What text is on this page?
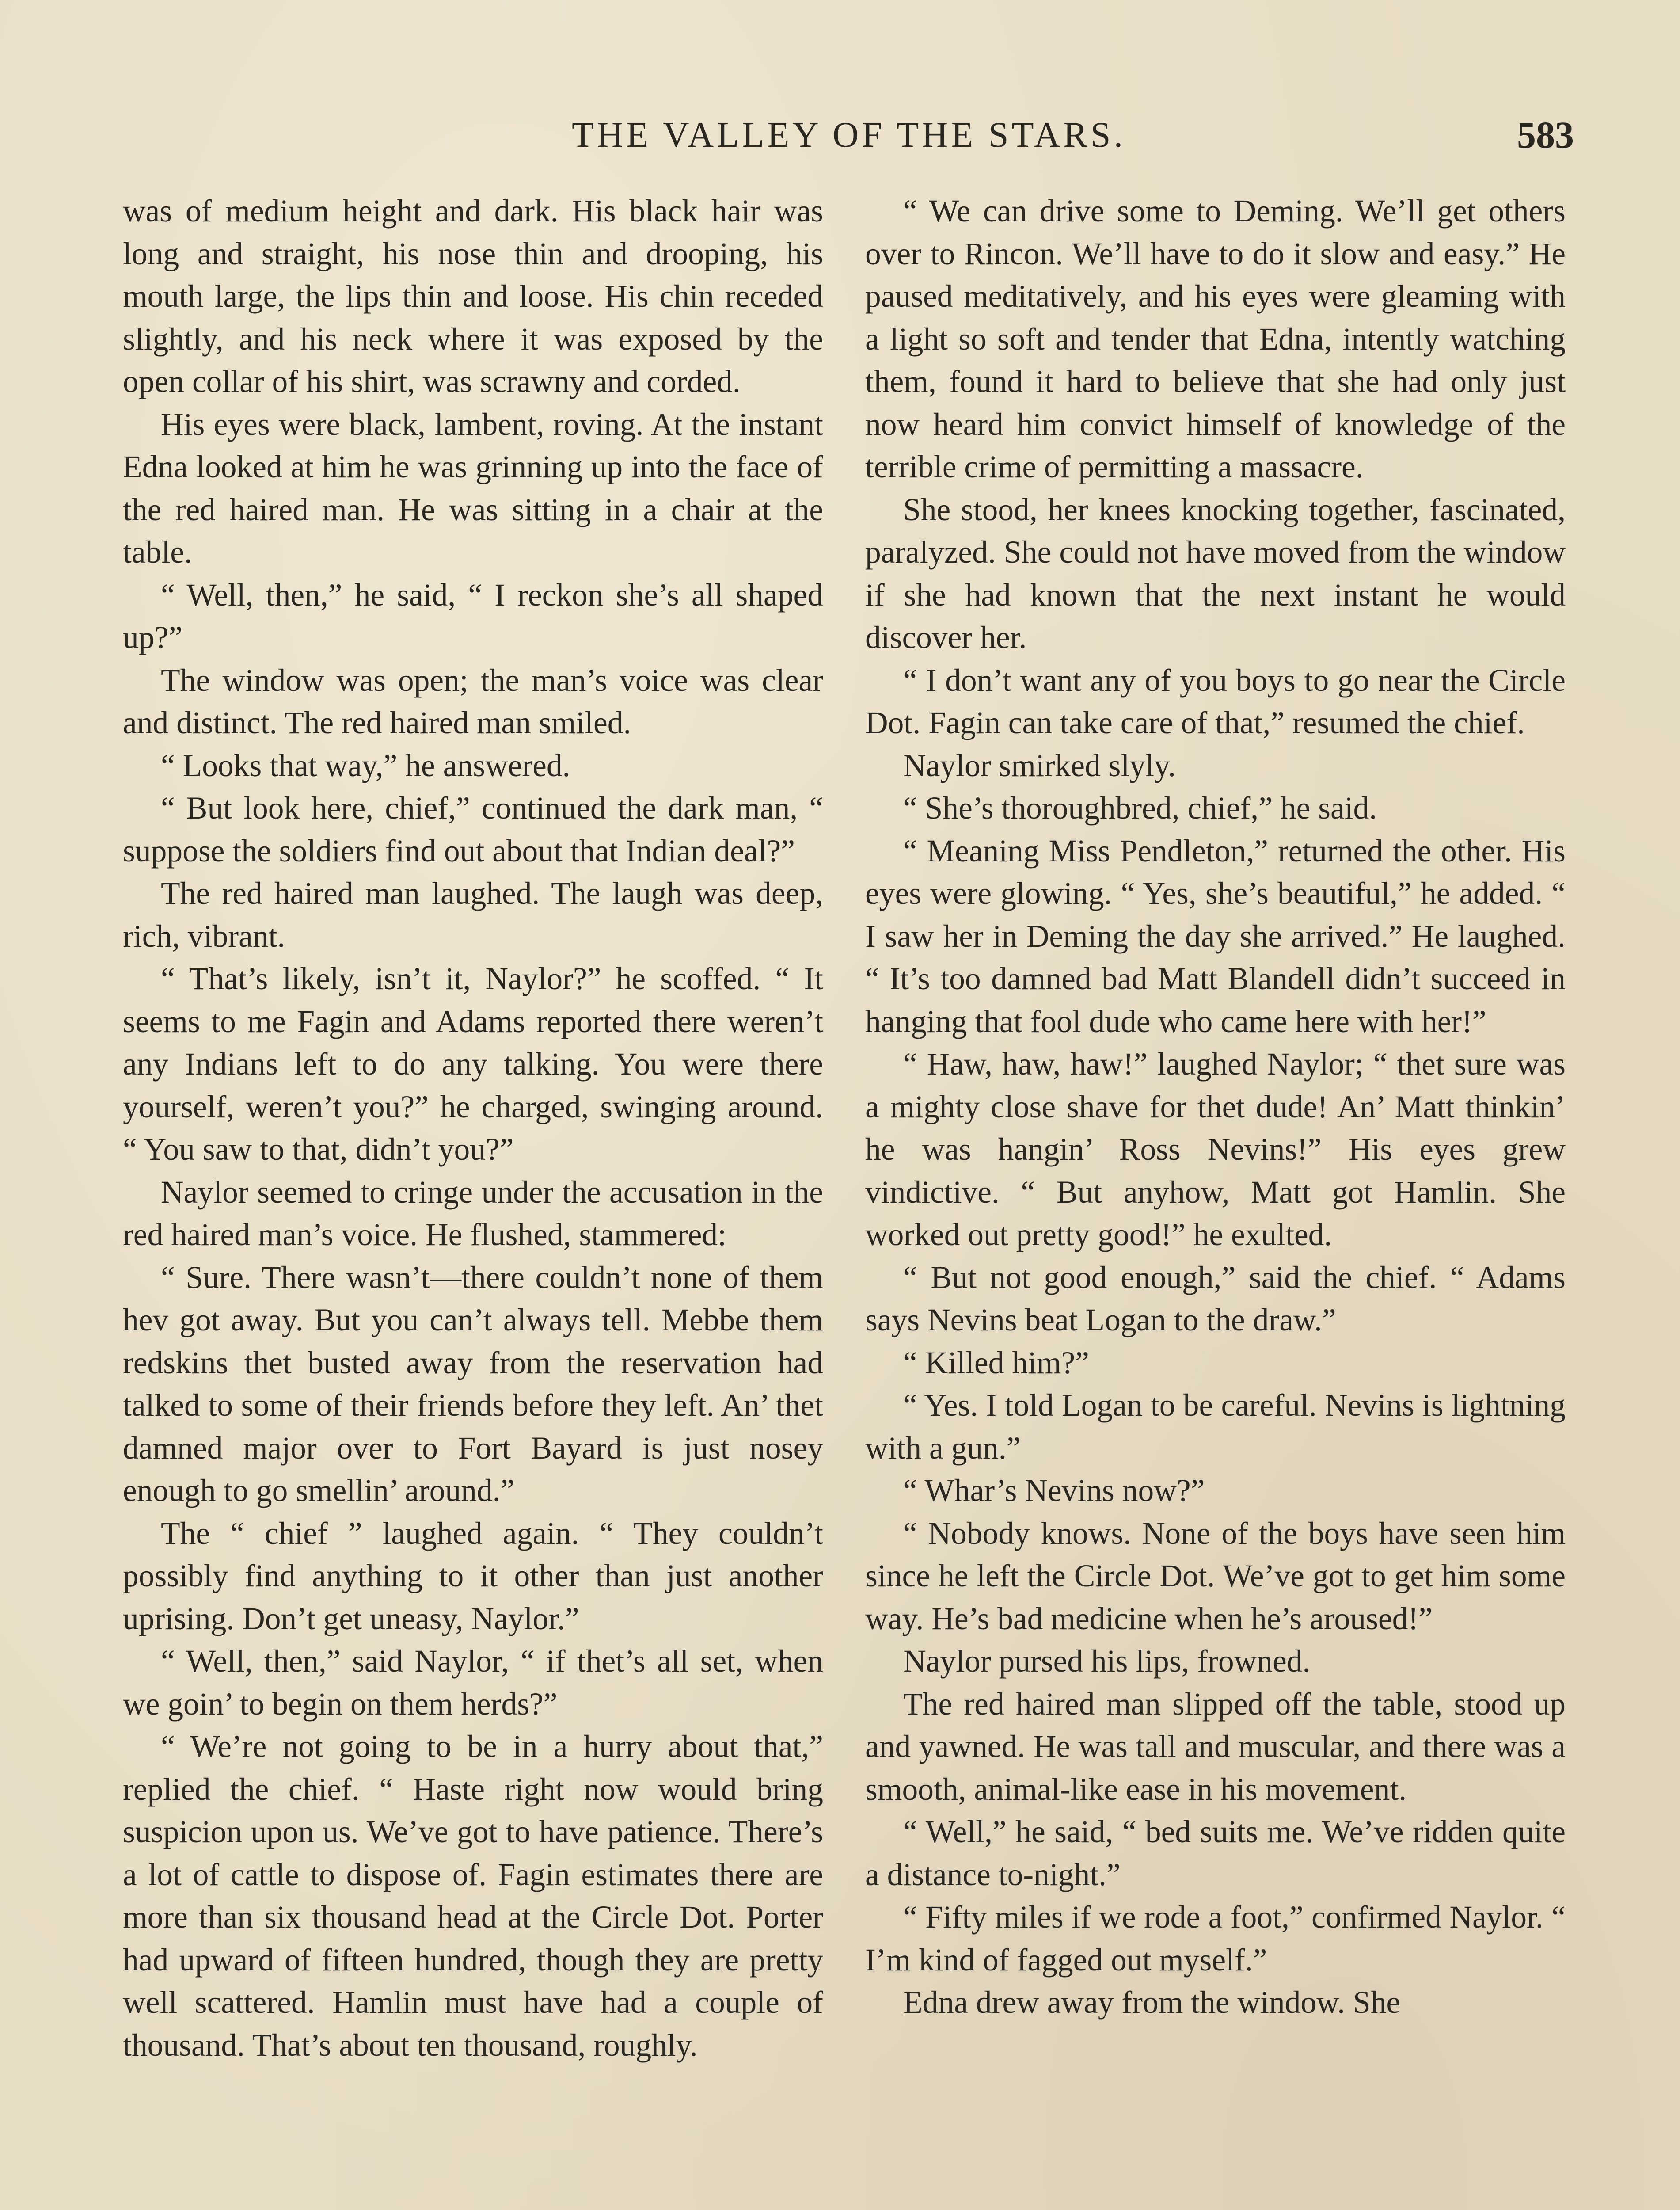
THE VALLEY OF THE STARS.	583

was of medium height and dark. His black hair was long and straight, his nose thin and drooping, his mouth large, the lips thin and loose. His chin receded slightly, and his neck where it was exposed by the open collar of his shirt, was scrawny and corded.

His eyes were black, lambent, roving. At the instant Edna looked at him he was grinning up into the face of the red haired man. He was sitting in a chair at the table.

“ Well, then,” he said, “ I reckon she’s all shaped up?”

The window was open; the man’s voice was clear and distinct. The red haired man smiled.

“ Looks that way,” he answered.

“ But look here, chief,” continued the dark man, “ suppose the soldiers find out about that Indian deal?”

The red haired man laughed. The laugh was deep, rich, vibrant.

“ That’s likely, isn’t it, Naylor?” he scoffed. “ It seems to me Fagin and Adams reported there weren’t any Indians left to do any talking. You were there yourself, weren’t you?” he charged, swinging around. “ You saw to that, didn’t you?”

Naylor seemed to cringe under the accusation in the red haired man’s voice. He flushed, stammered:

“ Sure. There wasn’t—there couldn’t none of them hev got away. But you can’t always tell. Mebbe them redskins thet busted away from the reservation had talked to some of their friends before they left. An’ thet damned major over to Fort Bayard is just nosey enough to go smellin’ around.”

The “ chief ” laughed again. “ They couldn’t possibly find anything to it other than just another uprising. Don’t get uneasy, Naylor.”

“ Well, then,” said Naylor, “ if thet’s all set, when we goin’ to begin on them herds?”

“ We’re not going to be in a hurry about that,” replied the chief. “ Haste right now would bring suspicion upon us. We’ve got to have patience. There’s a lot of cattle to dispose of. Fagin estimates there are more than six thousand head at the Circle Dot. Porter had upward of fifteen hundred, though they are pretty well scattered. Hamlin must have had a couple of thousand. That’s about ten thousand, roughly.

“ We can drive some to Deming. We’ll get others over to Rincon. We’ll have to do it slow and easy.” He paused meditatively, and his eyes were gleaming with a light so soft and tender that Edna, intently watching them, found it hard to believe that she had only just now heard him convict himself of knowledge of the terrible crime of permitting a massacre.

She stood, her knees knocking together, fascinated, paralyzed. She could not have moved from the window if she had known that the next instant he would discover her.

“ I don’t want any of you boys to go near the Circle Dot. Fagin can take care of that,” resumed the chief.

Naylor smirked slyly.

“ She’s thoroughbred, chief,” he said.

“ Meaning Miss Pendleton,” returned the other. His eyes were glowing. “ Yes, she’s beautiful,” he added. “ I saw her in Deming the day she arrived.” He laughed. “ It’s too damned bad Matt Blandell didn’t succeed in hanging that fool dude who came here with her!”

“ Haw, haw, haw!” laughed Naylor; “ thet sure was a mighty close shave for thet dude! An’ Matt thinkin’ he was hangin’ Ross Nevins!” His eyes grew vindictive. “ But anyhow, Matt got Hamlin. She worked out pretty good!” he exulted.

“ But not good enough,” said the chief. “ Adams says Nevins beat Logan to the draw.”

“ Killed him?”

“ Yes. I told Logan to be careful. Nevins is lightning with a gun.”

“ Whar’s Nevins now?”

“ Nobody knows. None of the boys have seen him since he left the Circle Dot. We’ve got to get him some way. He’s bad medicine when he’s aroused!”

Naylor pursed his lips, frowned.

The red haired man slipped off the table, stood up and yawned. He was tall and muscular, and there was a smooth, animal-like ease in his movement.

“ Well,” he said, “ bed suits me. We’ve ridden quite a distance to-night.”

“ Fifty miles if we rode a foot,” confirmed Naylor. “ I’m kind of fagged out myself.”

Edna drew away from the window. She
